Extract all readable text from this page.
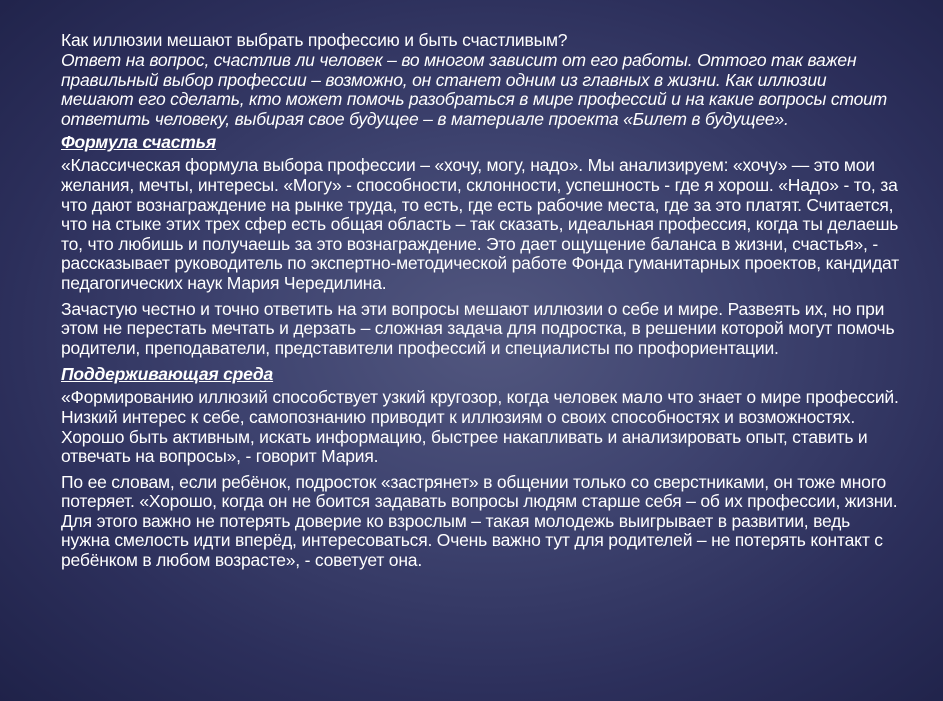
Как иллюзии мешают выбрать профессию и быть счастливым?
Ответ на вопрос, счастлив ли человек – во многом зависит от его работы. Оттого так важен правильный выбор профессии – возможно, он станет одним из главных в жизни. Как иллюзии мешают его сделать, кто может помочь разобраться в мире профессий и на какие вопросы стоит ответить человеку, выбирая свое будущее – в материале проекта «Билет в будущее».
Формула счастья
«Классическая формула выбора профессии – «хочу, могу, надо». Мы анализируем: «хочу» — это мои желания, мечты, интересы. «Могу» - способности, склонности, успешность - где я хорош. «Надо» - то, за что дают вознаграждение на рынке труда, то есть, где есть рабочие места, где за это платят. Считается, что на стыке этих трех сфер есть общая область – так сказать, идеальная профессия, когда ты делаешь то, что любишь и получаешь за это вознаграждение. Это дает ощущение баланса в жизни, счастья», - рассказывает руководитель по экспертно-методической работе Фонда гуманитарных проектов, кандидат педагогических наук Мария Чередилина.
Зачастую честно и точно ответить на эти вопросы мешают иллюзии о себе и мире. Развеять их, но при этом не перестать мечтать и дерзать – сложная задача для подростка, в решении которой могут помочь родители, преподаватели, представители профессий и специалисты по профориентации.
Поддерживающая среда
«Формированию иллюзий способствует узкий кругозор, когда человек мало что знает о мире профессий. Низкий интерес к себе, самопознанию приводит к иллюзиям о своих способностях и возможностях. Хорошо быть активным, искать информацию, быстрее накапливать и анализировать опыт, ставить и отвечать на вопросы», - говорит Мария.
По ее словам, если ребёнок, подросток «застрянет» в общении только со сверстниками, он тоже много потеряет. «Хорошо, когда он не боится задавать вопросы людям старше себя – об их профессии, жизни. Для этого важно не потерять доверие ко взрослым – такая молодежь выигрывает в развитии, ведь нужна смелость идти вперёд, интересоваться. Очень важно тут для родителей – не потерять контакт с ребёнком в любом возрасте», - советует она.
